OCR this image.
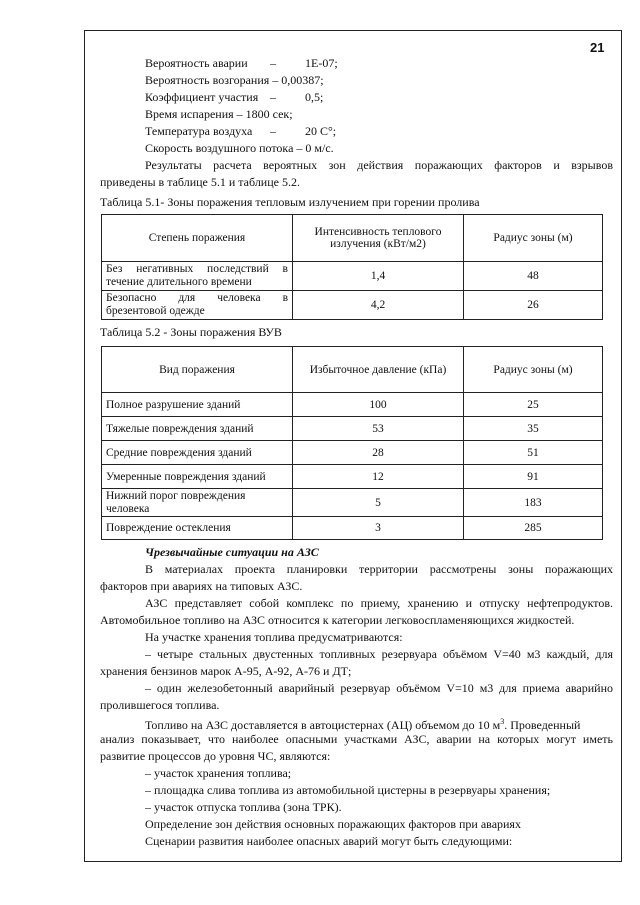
21
Вероятность аварии – 1E-07;
Вероятность возгорания – 0,00387;
Коэффициент участия – 0,5;
Время испарения – 1800 сек;
Температура воздуха – 20 C°;
Скорость воздушного потока – 0 м/с.
Результаты расчета вероятных зон действия поражающих факторов и взрывов
приведены в таблице 5.1 и таблице 5.2.
Таблица 5.1- Зоны поражения тепловым излучением при горении пролива
Степень поражения	Интенсивность теплового излучения (кВт/м2)	Радиус зоны (м)

Без негативных последствий в
течение длительного времени	1,4	48

Безопасно для человека в
брезентовой одежде	4,2	26
Таблица 5.2 - Зоны поражения ВУВ
Вид поражения	Избыточное давление (кПа)	Радиус зоны (м)
Полное разрушение зданий	100	25
Тяжелые повреждения зданий	53	35
Средние повреждения зданий	28	51
Умеренные повреждения зданий	12	91
Нижний порог повреждения человека	5	183
Повреждение остекления	3	285
Чрезвычайные ситуации на АЗС
В материалах проекта планировки территории рассмотрены зоны поражающих
факторов при авариях на типовых АЗС.
АЗС представляет собой комплекс по приему, хранению и отпуску нефтепродуктов.
Автомобильное топливо на АЗС относится к категории легковоспламеняющихся жидкостей.
На участке хранения топлива предусматриваются:
– четыре стальных двустенных топливных резервуара объёмом V=40 м3 каждый, для
хранения бензинов марок А-95, А-92, А-76 и ДТ;
– один железобетонный аварийный резервуар объёмом V=10 м3 для приема аварийно
пролившегося топлива.
Топливо на АЗС доставляется в автоцистернах (АЦ) объемом до 10 $м^3$. Проведенный
анализ показывает, что наиболее опасными участками АЗС, аварии на которых могут иметь
развитие процессов до уровня ЧС, являются:
– участок хранения топлива;
– площадка слива топлива из автомобильной цистерны в резервуары хранения;
– участок отпуска топлива (зона ТРК).
Определение зон действия основных поражающих факторов при авариях
Сценарии развития наиболее опасных аварий могут быть следующими:
